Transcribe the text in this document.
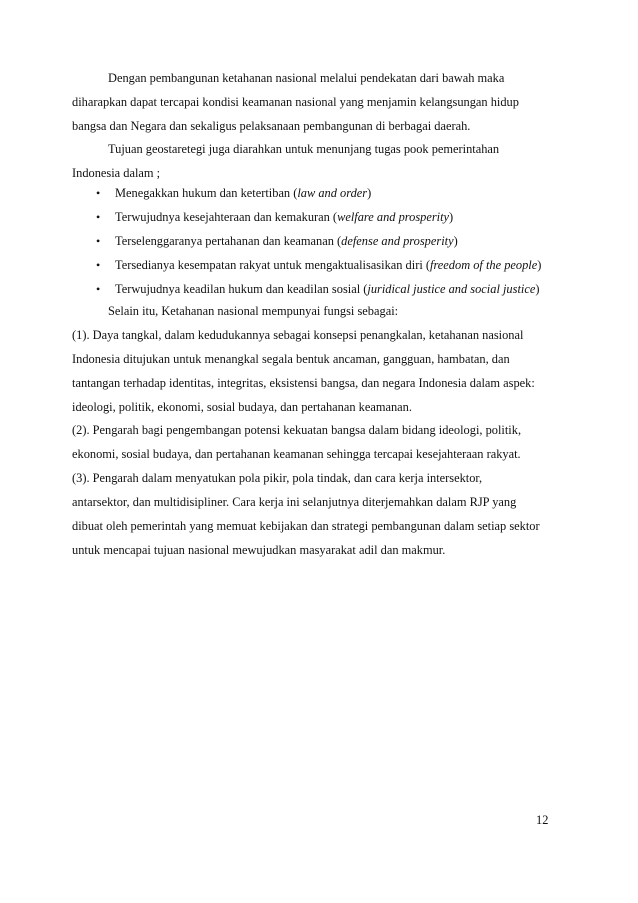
Dengan pembangunan ketahanan nasional melalui pendekatan dari bawah maka
diharapkan dapat tercapai kondisi keamanan nasional yang menjamin kelangsungan hidup
bangsa dan Negara dan sekaligus pelaksanaan pembangunan di berbagai daerah.
Tujuan geostaretegi juga diarahkan untuk menunjang tugas pook pemerintahan
Indonesia dalam ;
• Menegakkan hukum dan ketertiban (law and order)
• Terwujudnya kesejahteraan dan kemakuran (welfare and prosperity)
• Terselenggaranya pertahanan dan keamanan (defense and prosperity)
• Tersedianya kesempatan rakyat untuk mengaktualisasikan diri (freedom of the people)
• Terwujudnya keadilan hukum dan keadilan sosial (juridical justice and social justice)
Selain itu, Ketahanan nasional mempunyai fungsi sebagai:
(1). Daya tangkal, dalam kedudukannya sebagai konsepsi penangkalan, ketahanan nasional
Indonesia ditujukan untuk menangkal segala bentuk ancaman, gangguan, hambatan, dan
tantangan terhadap identitas, integritas, eksistensi bangsa, dan negara Indonesia dalam aspek:
ideologi, politik, ekonomi, sosial budaya, dan pertahanan keamanan.
(2). Pengarah bagi pengembangan potensi kekuatan bangsa dalam bidang ideologi, politik,
ekonomi, sosial budaya, dan pertahanan keamanan sehingga tercapai kesejahteraan rakyat.
(3). Pengarah dalam menyatukan pola pikir, pola tindak, dan cara kerja intersektor,
antarsektor, dan multidisipliner. Cara kerja ini selanjutnya diterjemahkan dalam RJP yang
dibuat oleh pemerintah yang memuat kebijakan dan strategi pembangunan dalam setiap sektor
untuk mencapai tujuan nasional mewujudkan masyarakat adil dan makmur.
12
